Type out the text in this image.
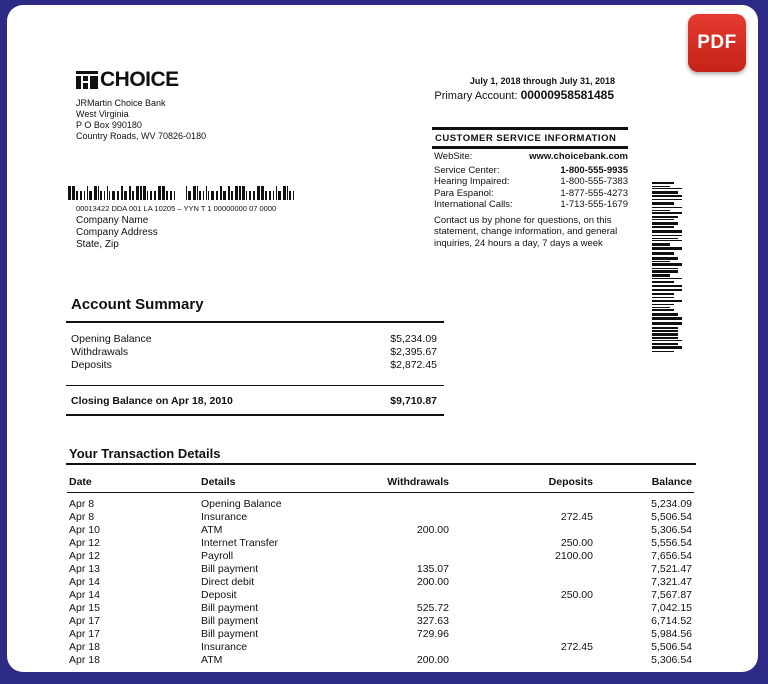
PDF
CHOICE
JRMartin Choice Bank
West Virginia
P O Box 990180
Country Roads, WV 70826-0180
00013422 DDA 001 LA 10205 – YYN T 1 00000000 07 0000
Company Name
Company Address
State, Zip
July 1, 2018 through July 31, 2018
Primary Account: 00000958581485
CUSTOMER SERVICE INFORMATION
WebSite:	www.choicebank.com
Service Center:	1-800-555-9935
Hearing Impaired:	1-800-555-7383
Para Espanol:	1-877-555-4273
International Calls:	1-713-555-1679
Contact us by phone for questions, on this statement, change information, and general inquiries, 24 hours a day, 7 days a week
Account Summary
Opening Balance	$5,234.09
Withdrawals	$2,395.67
Deposits	$2,872.45
Closing Balance on Apr 18, 2010	$9,710.87
Your Transaction Details
Date	Details	Withdrawals	Deposits	Balance
Apr 8	Opening Balance			5,234.09
Apr 8	Insurance		272.45	5,506.54
Apr 10	ATM	200.00		5,306.54
Apr 12	Internet Transfer		250.00	5,556.54
Apr 12	Payroll		2100.00	7,656.54
Apr 13	Bill payment	135.07		7,521.47
Apr 14	Direct debit	200.00		7,321.47
Apr 14	Deposit		250.00	7,567.87
Apr 15	Bill payment	525.72		7,042.15
Apr 17	Bill payment	327.63		6,714.52
Apr 17	Bill payment	729.96		5,984.56
Apr 18	Insurance		272.45	5,506.54
Apr 18	ATM	200.00		5,306.54
